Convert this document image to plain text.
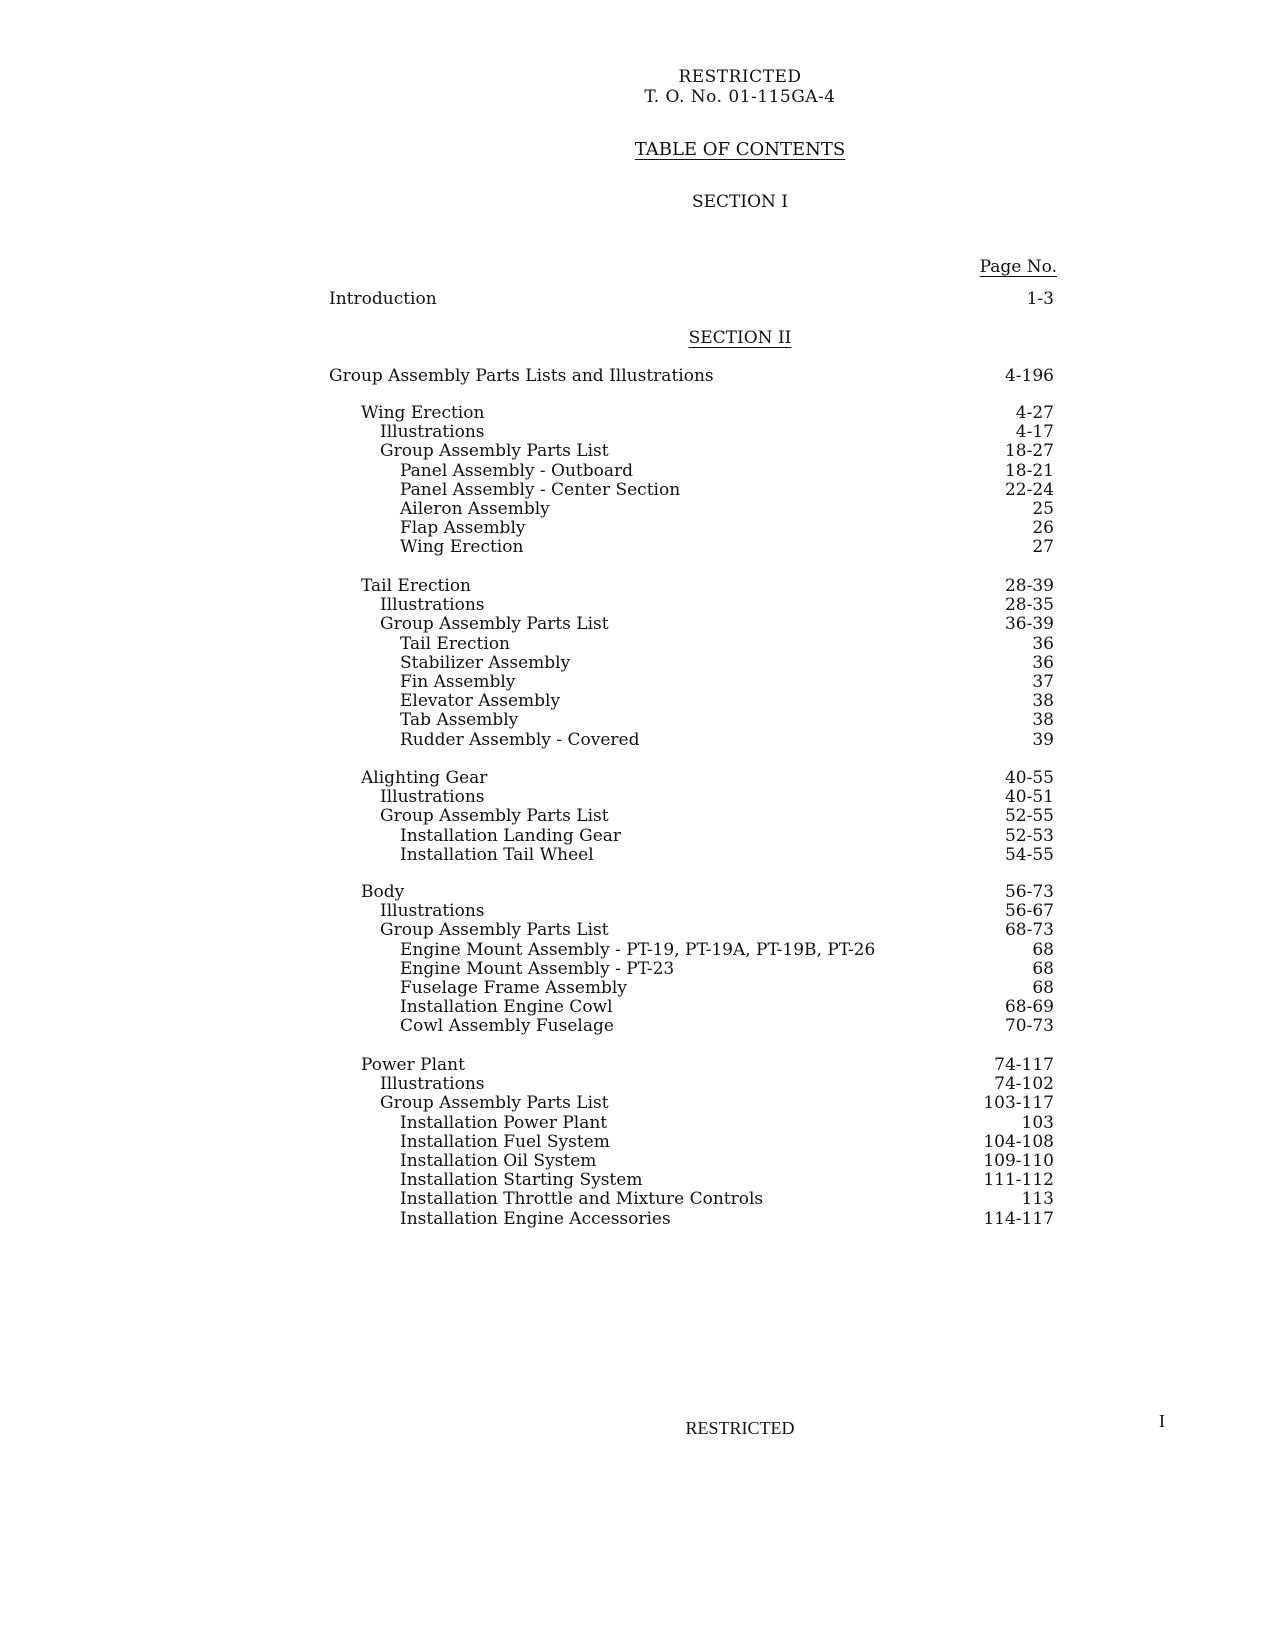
RESTRICTED
T. O. No. 01-115GA-4
TABLE OF CONTENTS
SECTION I
Page No.
Introduction	1-3
SECTION II
Group Assembly Parts Lists and Illustrations	4-196
Wing Erection	4-27
Illustrations	4-17
Group Assembly Parts List	18-27
Panel Assembly - Outboard	18-21
Panel Assembly - Center Section	22-24
Aileron Assembly	25
Flap Assembly	26
Wing Erection	27
Tail Erection	28-39
Illustrations	28-35
Group Assembly Parts List	36-39
Tail Erection	36
Stabilizer Assembly	36
Fin Assembly	37
Elevator Assembly	38
Tab Assembly	38
Rudder Assembly - Covered	39
Alighting Gear	40-55
Illustrations	40-51
Group Assembly Parts List	52-55
Installation Landing Gear	52-53
Installation Tail Wheel	54-55
Body	56-73
Illustrations	56-67
Group Assembly Parts List	68-73
Engine Mount Assembly - PT-19, PT-19A, PT-19B, PT-26	68
Engine Mount Assembly - PT-23	68
Fuselage Frame Assembly	68
Installation Engine Cowl	68-69
Cowl Assembly Fuselage	70-73
Power Plant	74-117
Illustrations	74-102
Group Assembly Parts List	103-117
Installation Power Plant	103
Installation Fuel System	104-108
Installation Oil System	109-110
Installation Starting System	111-112
Installation Throttle and Mixture Controls	113
Installation Engine Accessories	114-117
RESTRICTED	I
